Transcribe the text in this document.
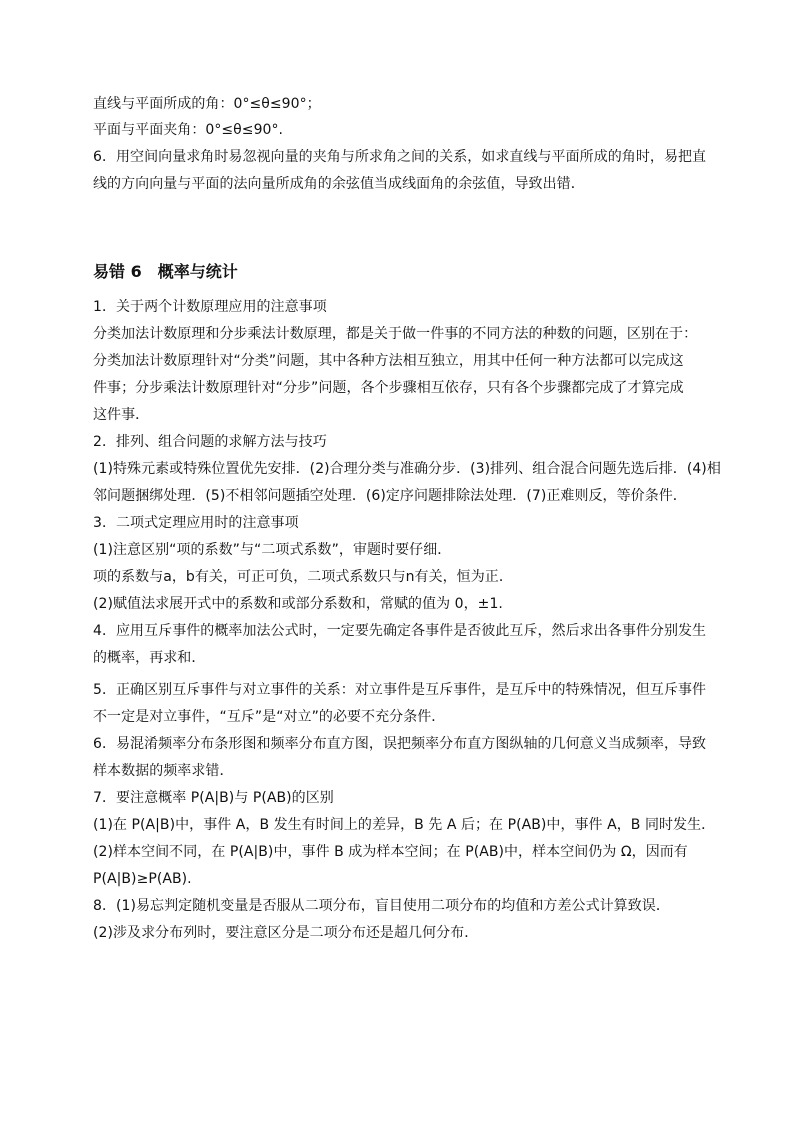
直线与平面所成的角：0°≤θ≤90°；
平面与平面夹角：0°≤θ≤90°.
6．用空间向量求角时易忽视向量的夹角与所求角之间的关系，如求直线与平面所成的角时，易把直
线的方向向量与平面的法向量所成角的余弦值当成线面角的余弦值，导致出错．
易错 6　概率与统计
1．关于两个计数原理应用的注意事项
分类加法计数原理和分步乘法计数原理，都是关于做一件事的不同方法的种数的问题，区别在于：
分类加法计数原理针对“分类”问题，其中各种方法相互独立，用其中任何一种方法都可以完成这
件事；分步乘法计数原理针对“分步”问题，各个步骤相互依存，只有各个步骤都完成了才算完成
这件事．
2．排列、组合问题的求解方法与技巧
(1)特殊元素或特殊位置优先安排．(2)合理分类与准确分步．(3)排列、组合混合问题先选后排．(4)相
邻问题捆绑处理．(5)不相邻问题插空处理．(6)定序问题排除法处理．(7)正难则反，等价条件．
3．二项式定理应用时的注意事项
(1)注意区别“项的系数”与“二项式系数”，审题时要仔细．
项的系数与a，b有关，可正可负，二项式系数只与n有关，恒为正．
(2)赋值法求展开式中的系数和或部分系数和，常赋的值为 0，±1.
4．应用互斥事件的概率加法公式时，一定要先确定各事件是否彼此互斥，然后求出各事件分别发生
的概率，再求和．
5．正确区别互斥事件与对立事件的关系：对立事件是互斥事件，是互斥中的特殊情况，但互斥事件
不一定是对立事件，“互斥”是“对立”的必要不充分条件．
6．易混淆频率分布条形图和频率分布直方图，误把频率分布直方图纵轴的几何意义当成频率，导致
样本数据的频率求错．
7．要注意概率 P(A|B)与 P(AB)的区别
(1)在 P(A|B)中，事件 A，B 发生有时间上的差异，B 先 A 后；在 P(AB)中，事件 A，B 同时发生．
(2)样本空间不同，在 P(A|B)中，事件 B 成为样本空间；在 P(AB)中，样本空间仍为 Ω，因而有
P(A|B)≥P(AB).
8．(1)易忘判定随机变量是否服从二项分布，盲目使用二项分布的均值和方差公式计算致误．
(2)涉及求分布列时，要注意区分是二项分布还是超几何分布．
